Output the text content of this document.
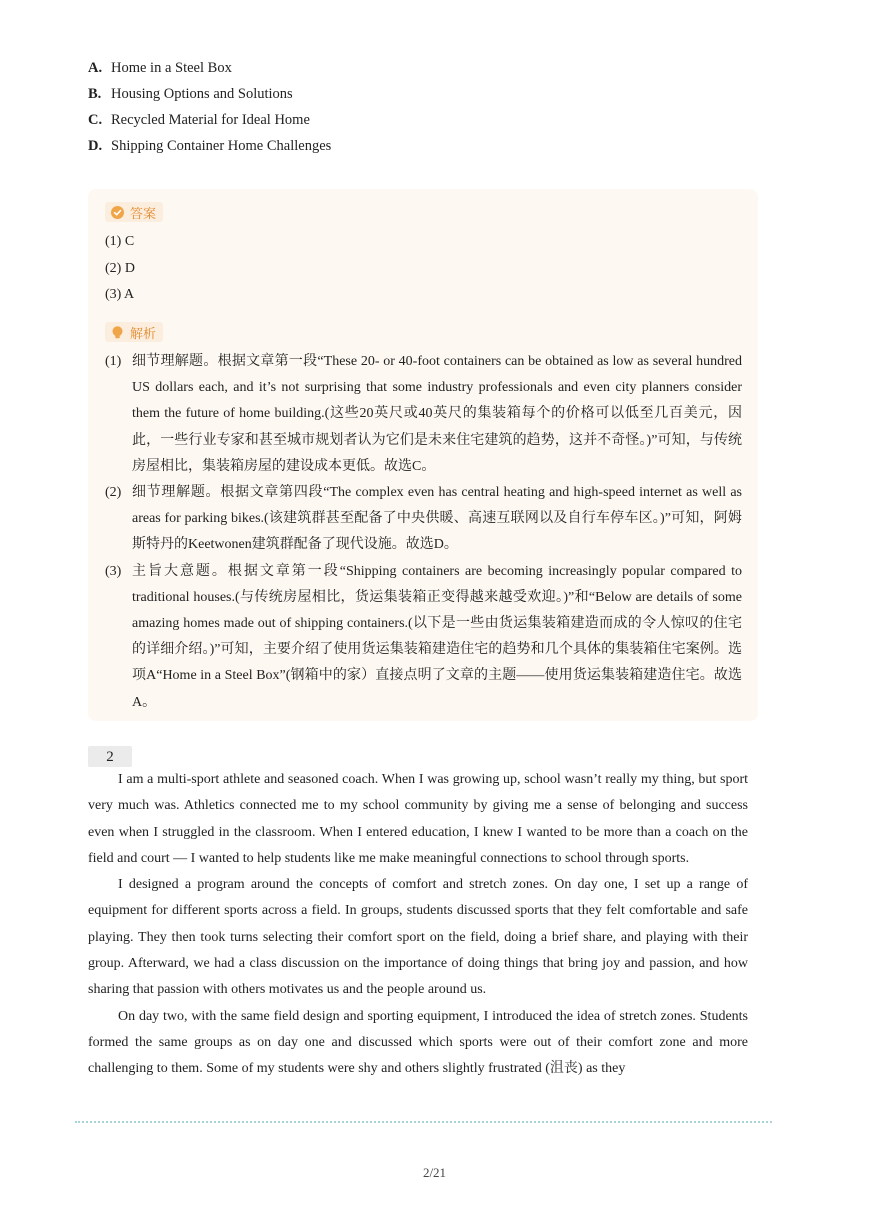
A. Home in a Steel Box
B. Housing Options and Solutions
C. Recycled Material for Ideal Home
D. Shipping Container Home Challenges
答案
(1) C
(2) D
(3) A
解析
(1) 细节理解题。根据文章第一段“These 20- or 40-foot containers can be obtained as low as several hundred US dollars each, and it’s not surprising that some industry professionals and even city planners consider them the future of home building.(这些20英尺或40英尺的集装箱每个的价格可以低至几百美元，因此，一些行业专家和甚至城市规划者认为它们是未来住宅建筑的趋势，这并不奇怪。)”可知，与传统房屋相比，集装箱房屋的建设成本更低。故选C。
(2) 细节理解题。根据文章第四段“The complex even has central heating and high-speed internet as well as areas for parking bikes.(该建筑群甚至配备了中央供暖、高速互联网以及自行车停车区。)”可知，阿姆斯特丹的Keetwonen建筑群配备了现代设施。故选D。
(3) 主旨大意题。根据文章第一段“Shipping containers are becoming increasingly popular compared to traditional houses.(与传统房屋相比，货运集装箱正变得越来越受欢迎。)”和“Below are details of some amazing homes made out of shipping containers.(以下是一些由货运集装箱建造而成的令人惊叹的住宅的详细介绍。)”可知，主要介绍了使用货运集装箱建造住宅的趋势和几个具体的集装箱住宅案例。选项A“Home in a Steel Box”(钢箱中的家）直接点明了文章的主题——使用货运集装箱建造住宅。故选A。
2

I am a multi-sport athlete and seasoned coach. When I was growing up, school wasn’t really my thing, but sport very much was. Athletics connected me to my school community by giving me a sense of belonging and success even when I struggled in the classroom. When I entered education, I knew I wanted to be more than a coach on the field and court — I wanted to help students like me make meaningful connections to school through sports.

I designed a program around the concepts of comfort and stretch zones. On day one, I set up a range of equipment for different sports across a field. In groups, students discussed sports that they felt comfortable and safe playing. They then took turns selecting their comfort sport on the field, doing a brief share, and playing with their group. Afterward, we had a class discussion on the importance of doing things that bring joy and passion, and how sharing that passion with others motivates us and the people around us.

On day two, with the same field design and sporting equipment, I introduced the idea of stretch zones. Students formed the same groups as on day one and discussed which sports were out of their comfort zone and more challenging to them. Some of my students were shy and others slightly frustrated (沮丧) as they

2/21
